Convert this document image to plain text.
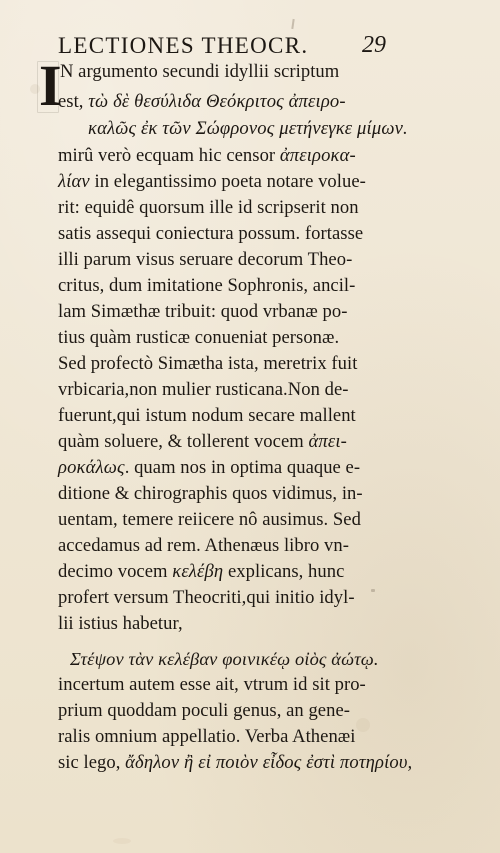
LECTIONES THEOCR. 29
I
N argumento secundi idyllii scriptum
est, τὼ δὲ θεσύλιδα Θεόκριτος ἀπειρο-
καλῶς ἐκ τῶν Σώφρονος μετήνεγκε μίμων.
mirû verò ecquam hic censor ἀπειροκα-
λίαν in elegantissimo poeta notare volue-
rit: equidê quorsum ille id scripserit non
satis assequi coniectura possum. fortasse
illi parum visus seruare decorum Theo-
critus, dum imitatione Sophronis, ancil-
lam Simæthæ tribuit: quod vrbanæ po-
tius quàm rusticæ conueniat personæ.
Sed profectò Simætha ista, meretrix fuit
vrbicaria,non mulier rusticana.Non de-
fuerunt,qui istum nodum secare mallent
quàm soluere, & tollerent vocem ἀπει-
ροκάλως. quam nos in optima quaque e-
ditione & chirographis quos vidimus, in-
uentam, temere reiicere nô ausimus. Sed
accedamus ad rem. Athenæus libro vn-
decimo vocem κελέβη explicans, hunc
profert versum Theocriti,qui initio idyl-
lii istius habetur,
Στέψον τὰν κελέβαν φοινικέῳ οἰὸς ἀώτῳ.
incertum autem esse ait, vtrum id sit pro-
prium quoddam poculi genus, an gene-
ralis omnium appellatio. Verba Athenæi
sic lego, ἄδηλον ἢ εἰ ποιὸν εἶδος ἐστὶ ποτηρίου,
